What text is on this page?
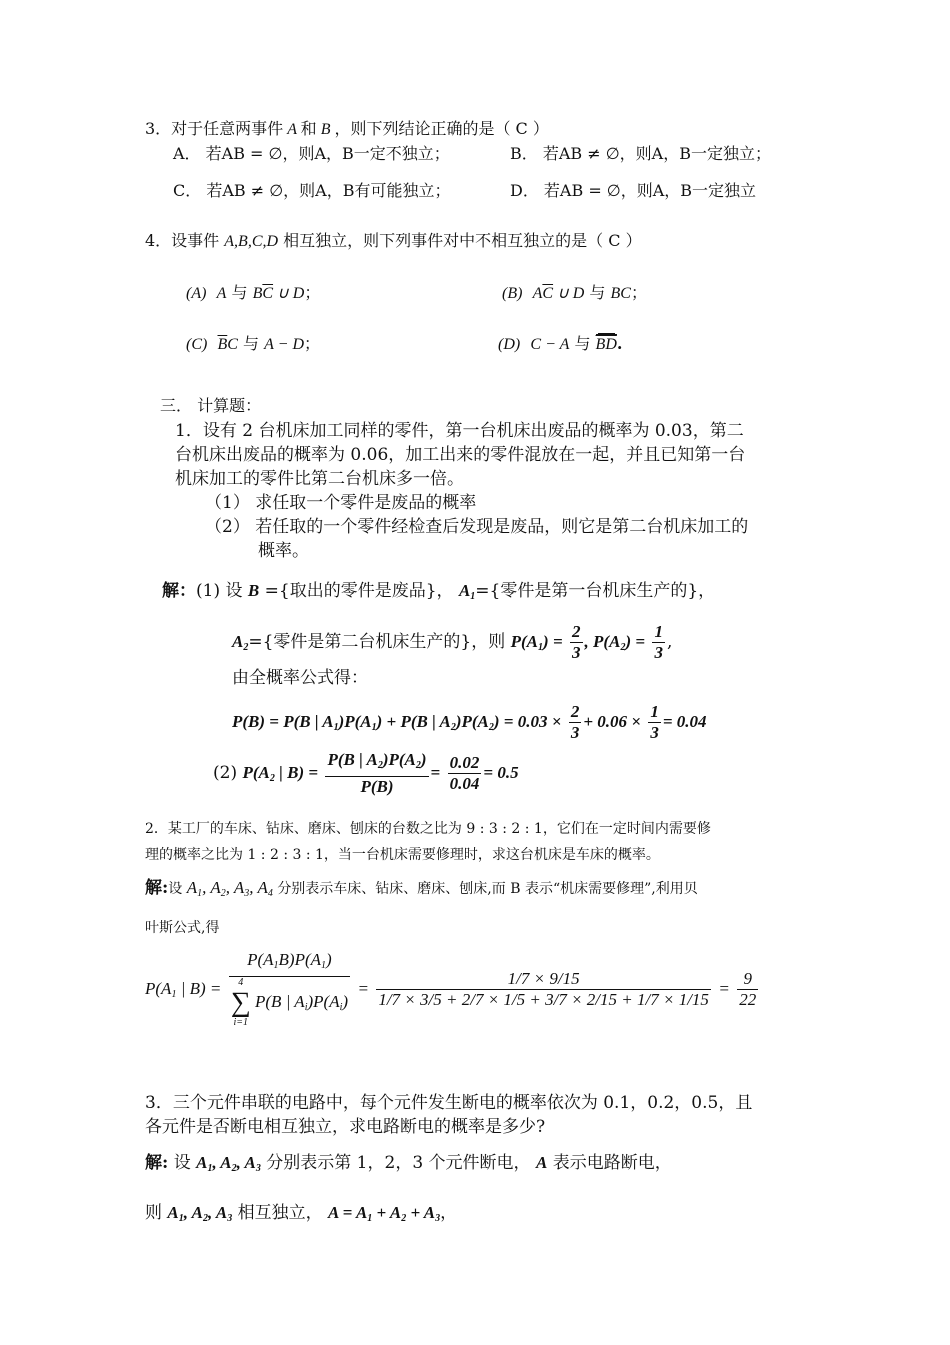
3．对于任意两事件 A 和 B ，则下列结论正确的是（ C ）
A． 若AB = ∅，则A，B一定不独立；	B． 若AB ≠ ∅，则A，B一定独立；
C． 若AB ≠ ∅，则A，B有可能独立；	D． 若AB = ∅，则A，B一定独立
4．设事件 A,B,C,D 相互独立，则下列事件对中不相互独立的是（ C ）
(A) A 与 $B\overline{C}$ ∪ D；	(B) $A\overline{C}$ ∪ D 与 BC；
(C) $\overline{B}C$ 与 A − D；	(D) C − A 与 $\overline{BD}$.
三． 计算题：
1．设有 2 台机床加工同样的零件，第一台机床出废品的概率为 0.03，第二
台机床出废品的概率为 0.06，加工出来的零件混放在一起，并且已知第一台
机床加工的零件比第二台机床多一倍。
（1） 求任取一个零件是废品的概率
（2） 若任取的一个零件经检查后发现是废品，则它是第二台机床加工的
概率。
解：(1) 设 B ={取出的零件是废品}， $A_1=${零件是第一台机床生产的}，
$A_2=${零件是第二台机床生产的}，则 $P(A_1) = \frac{2}{3}$ , $P(A_2) = \frac{1}{3}$ ,
由全概率公式得：
P(B) = P(B | $A_1)P(A_1) + P(B$ | $A_2)P(A_2) = 0.03 \times \frac{2}{3} + 0.06 \times \frac{1}{3} = 0.04$
(2) $P(A_2$ | $B) = \frac{P(B | A_2)P(A_2)}{P(B)} = \frac{0.02}{0.04} = 0.5$
2．某工厂的车床、钻床、磨床、刨床的台数之比为 9 : 3 : 2 : 1，它们在一定时间内需要修
理的概率之比为 1 : 2 : 3 : 1，当一台机床需要修理时，求这台机床是车床的概率。
解:设 $A_1$, $A_2$, $A_3$, $A_4$ 分别表示车床、钻床、磨床、刨床,而 B 表示“机床需要修理”,利用贝
叶斯公式,得
$P(A_1$ | $B) = P(A_1B)P(A_1)$
4
∑
i=1
P(B | $A_i)P(A_i) = \frac{1/7 \times 9/15}{1/7 \times 3/5 + 2/7 \times 1/5 + 3/7 \times 2/15 + 1/7 \times 1/15} = \frac{9}{22}$
3．三个元件串联的电路中，每个元件发生断电的概率依次为 0.1，0.2，0.5，且
各元件是否断电相互独立，求电路断电的概率是多少?
解: 设 $A_1$, $A_2$, $A_3$ 分别表示第 1，2，3 个元件断电， A 表示电路断电，
则 $A_1$, $A_2$, $A_3$ 相互独立， $A = A_1 + A_2 + A_3$，
